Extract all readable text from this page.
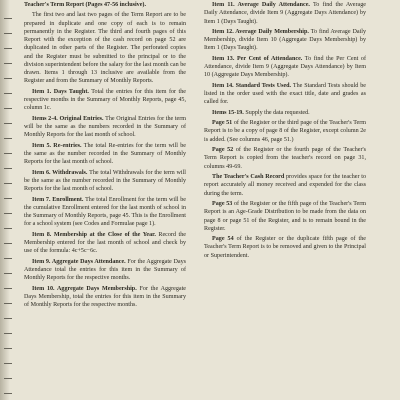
Teacher's Term Report (Pages 47-56 inclusive).

The first two and last two pages of the Term Report are to be prepared in duplicate and one copy of each is to remain permanently in the Register. The third and fourth pages of this Report with the exception of the cash record on page 52 are duplicated in other parts of the Register. The perforated copies and the Register must be submitted to the principal or to the division superintendent before the salary for the last month can be drawn. Items 1 through 13 inclusive are available from the Register and from the Summary of Monthly Reports.

Item 1. Days Taught. Total the entries for this item for the respective months in the Summary of Monthly Reports, page 45, column 1c.

Items 2-4. Original Entries. The Original Entries for the term will be the same as the numbers recorded in the Summary of Monthly Reports for the last month of school.

Item 5. Re-entries. The total Re-entries for the term will be the same as the number recorded in the Summary of Monthly Reports for the last month of school.

Item 6. Withdrawals. The total Withdrawals for the term will be the same as the number recorded in the Summary of Monthly Reports for the last month of school.

Item 7. Enrollment. The total Enrollment for the term will be the cumulative Enrollment entered for the last month of school in the Summary of Monthly Reports, page 45. This is the Enrollment for a school system (see Codes and Formulae page 1).

Item 8. Membership at the Close of the Year. Record the Membership entered for the last month of school and check by use of the formula: 4c+5c−6c.

Item 9. Aggregate Days Attendance. For the Aggregate Days Attendance total the entries for this item in the Summary of Monthly Reports for the respective months.

Item 10. Aggregate Days Membership. For the Aggregate Days Membership, total the entries for this item in the Summary of Monthly Reports for the respective months.

Item 11. Average Daily Attendance. To find the Average Daily Attendance, divide Item 9 (Aggregate Days Attendance) by Item 1 (Days Taught).

Item 12. Average Daily Membership. To find Average Daily Membership, divide Item 10 (Aggregate Days Membership) by Item 1 (Days Taught).

Item 13. Per Cent of Attendance. To find the Per Cent of Attendance, divide Item 9 (Aggregate Days Attendance) by Item 10 (Aggregate Days Membership).

Item 14. Standard Tests Used. The Standard Tests should be listed in the order used with the exact title, date and grades as called for.

Items 15-19. Supply the data requested.

Page 51 of the Register or the third page of the Teacher's Term Report is to be a copy of page 8 of the Register, except column 2e is added. (See columns 46, page 51.)

Page 52 of the Register or the fourth page of the Teacher's Term Report is copied from the teacher's record on page 31, columns 49-69.

The Teacher's Cash Record provides space for the teacher to report accurately all money received and expended for the class during the term.

Page 53 of the Register or the fifth page of the Teacher's Term Report is an Age-Grade Distribution to be made from the data on page 8 or page 51 of the Register, and is to remain bound in the Register.

Page 54 of the Register or the duplicate fifth page of the Teacher's Term Report is to be removed and given to the Principal or Superintendent.
